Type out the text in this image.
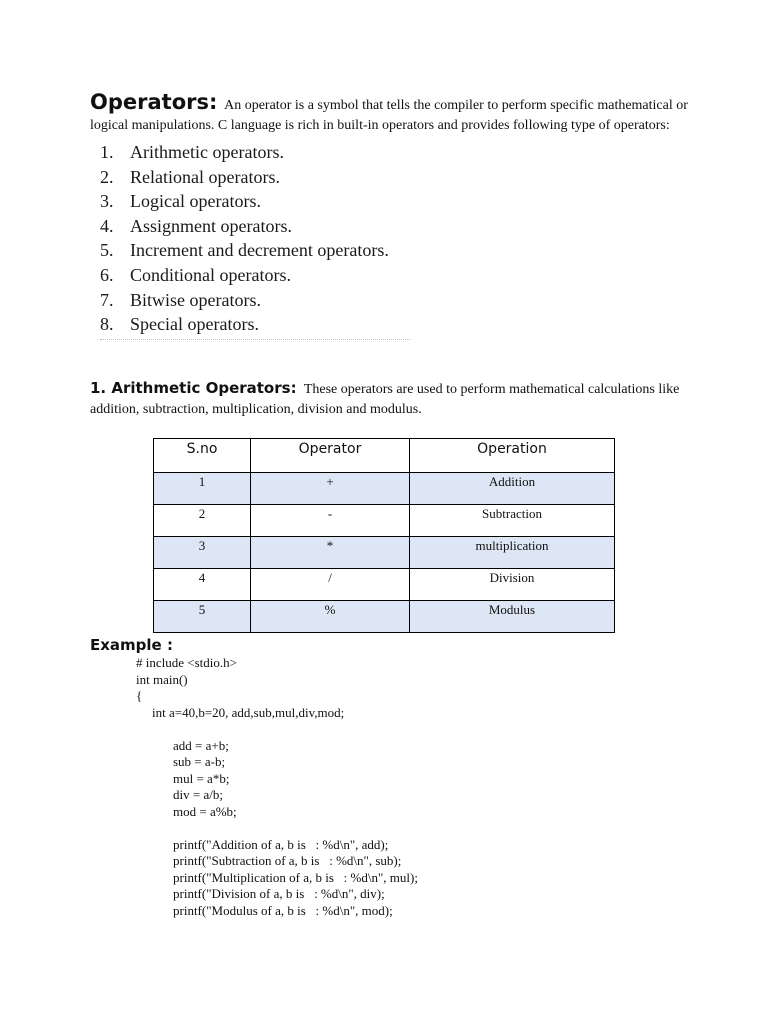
Operators: An operator is a symbol that tells the compiler to perform specific mathematical or logical manipulations. C language is rich in built-in operators and provides following type of operators:

1. Arithmetic operators.
2. Relational operators.
3. Logical operators.
4. Assignment operators.
5. Increment and decrement operators.
6. Conditional operators.
7. Bitwise operators.
8. Special operators.

1. Arithmetic Operators: These operators are used to perform mathematical calculations like addition, subtraction, multiplication, division and modulus.

S.no	Operator	Operation
1	+	Addition
2	-	Subtraction
3	*	multiplication
4	/	Division
5	%	Modulus
Example :
# include <stdio.h>
int main()
{
int a=40,b=20, add,sub,mul,div,mod;
add = a+b;
sub = a-b;
mul = a*b;
div = a/b;
mod = a%b;
printf("Addition of a, b is   : %d\n", add);
printf("Subtraction of a, b is   : %d\n", sub);
printf("Multiplication of a, b is   : %d\n", mul);
printf("Division of a, b is   : %d\n", div);
printf("Modulus of a, b is   : %d\n", mod);
